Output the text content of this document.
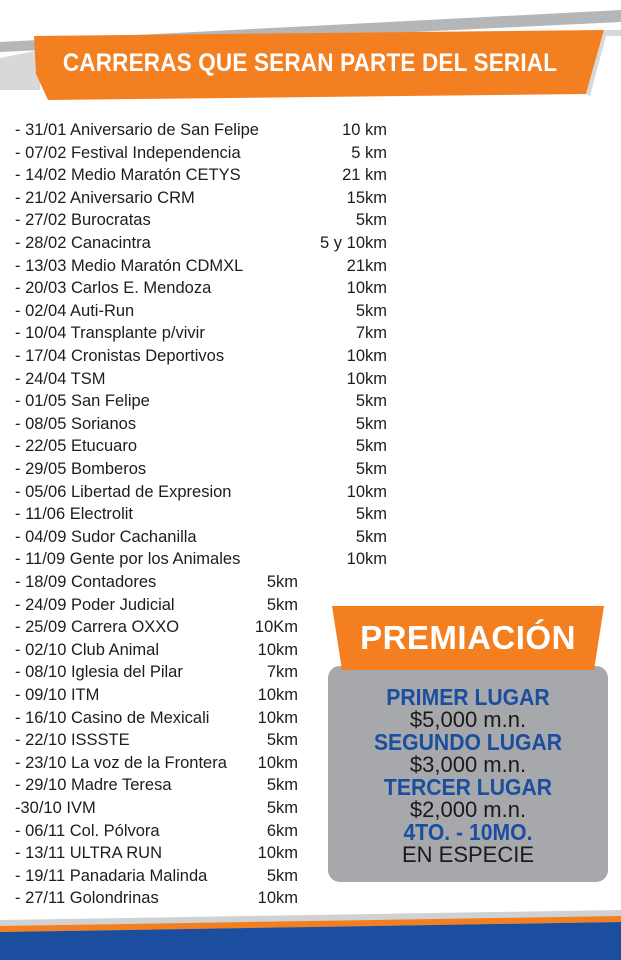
CARRERAS QUE SERAN PARTE DEL SERIAL
- 31/01 Aniversario de San Felipe	10 km
- 07/02 Festival Independencia	5 km
- 14/02 Medio Maratón CETYS	21 km
- 21/02 Aniversario CRM	15km
- 27/02 Burocratas	5km
- 28/02 Canacintra	5 y 10km
- 13/03 Medio Maratón CDMXL	21km
- 20/03 Carlos E. Mendoza	10km
- 02/04 Auti-Run	5km
- 10/04 Transplante p/vivir	7km
- 17/04 Cronistas Deportivos	10km
- 24/04 TSM	10km
- 01/05 San Felipe	5km
- 08/05 Sorianos	5km
- 22/05 Etucuaro	5km
- 29/05 Bomberos	5km
- 05/06 Libertad de Expresion	10km
- 11/06 Electrolit	5km
- 04/09 Sudor Cachanilla	5km
- 11/09 Gente por los Animales	10km
- 18/09 Contadores	5km
- 24/09 Poder Judicial	5km
- 25/09 Carrera OXXO	10Km
- 02/10 Club Animal	10km
- 08/10 Iglesia del Pilar	7km
- 09/10 ITM	10km
- 16/10 Casino de Mexicali	10km
- 22/10 ISSSTE	5km
- 23/10 La voz de la Frontera 10km
- 29/10 Madre Teresa	5km
-30/10 IVM	5km
- 06/11 Col. Pólvora	6km
- 13/11 ULTRA RUN	10km
- 19/11 Panadaria Malinda	5km
- 27/11 Golondrinas	10km
PREMIACIÓN
PRIMER LUGAR
$5,000 m.n.
SEGUNDO LUGAR
$3,000 m.n.
TERCER LUGAR
$2,000 m.n.
4TO. - 10MO.
EN ESPECIE
